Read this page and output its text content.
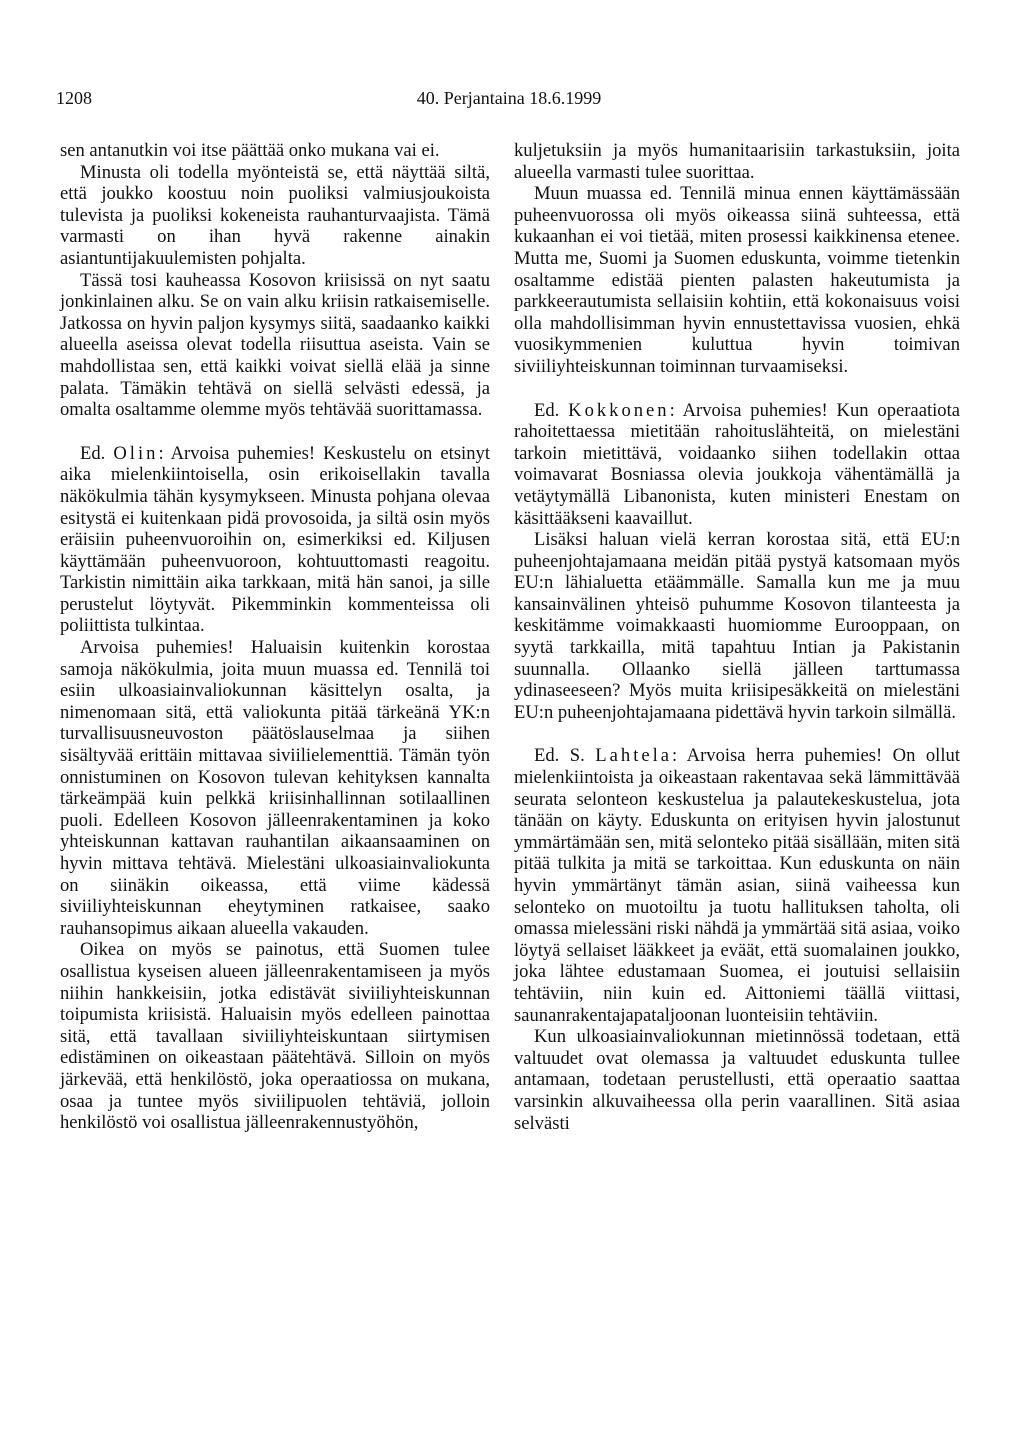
1208	40. Perjantaina 18.6.1999

sen antanutkin voi itse päättää onko mukana vai ei.

Minusta oli todella myönteistä se, että näyttää siltä, että joukko koostuu noin puoliksi valmiusjoukoista tulevista ja puoliksi kokeneista rauhanturvaajista. Tämä varmasti on ihan hyvä rakenne ainakin asiantuntijakuulemisten pohjalta.

Tässä tosi kauheassa Kosovon kriisissä on nyt saatu jonkinlainen alku. Se on vain alku kriisin ratkaisemiselle. Jatkossa on hyvin paljon kysymys siitä, saadaanko kaikki alueella aseissa olevat todella riisuttua aseista. Vain se mahdollistaa sen, että kaikki voivat siellä elää ja sinne palata. Tämäkin tehtävä on siellä selvästi edessä, ja omalta osaltamme olemme myös tehtävää suorittamassa.

Ed. Olin: Arvoisa puhemies! Keskustelu on etsinyt aika mielenkiintoisella, osin erikoisellakin tavalla näkökulmia tähän kysymykseen. Minusta pohjana olevaa esitystä ei kuitenkaan pidä provosoida, ja siltä osin myös eräisiin puheenvuoroihin on, esimerkiksi ed. Kiljusen käyttämään puheenvuoroon, kohtuuttomasti reagoitu. Tarkistin nimittäin aika tarkkaan, mitä hän sanoi, ja sille perustelut löytyvät. Pikemminkin kommenteissa oli poliittista tulkintaa.

Arvoisa puhemies! Haluaisin kuitenkin korostaa samoja näkökulmia, joita muun muassa ed. Tennilä toi esiin ulkoasiainvaliokunnan käsittelyn osalta, ja nimenomaan sitä, että valiokunta pitää tärkeänä YK:n turvallisuusneuvoston päätöslauselmaa ja siihen sisältyvää erittäin mittavaa siviilielementtiä. Tämän työn onnistuminen on Kosovon tulevan kehityksen kannalta tärkeämpää kuin pelkkä kriisinhallinnan sotilaallinen puoli. Edelleen Kosovon jälleenrakentaminen ja koko yhteiskunnan kattavan rauhantilan aikaansaaminen on hyvin mittava tehtävä. Mielestäni ulkoasiainvaliokunta on siinäkin oikeassa, että viime kädessä siviiliyhteiskunnan eheytyminen ratkaisee, saako rauhansopimus aikaan alueella vakauden.

Oikea on myös se painotus, että Suomen tulee osallistua kyseisen alueen jälleenrakentamiseen ja myös niihin hankkeisiin, jotka edistävät siviiliyhteiskunnan toipumista kriisistä. Haluaisin myös edelleen painottaa sitä, että tavallaan siviiliyhteiskuntaan siirtymisen edistäminen on oikeastaan päätehtävä. Silloin on myös järkevää, että henkilöstö, joka operaatiossa on mukana, osaa ja tuntee myös siviilipuolen tehtäviä, jolloin henkilöstö voi osallistua jälleenrakennustyöhön,

kuljetuksiin ja myös humanitaarisiin tarkastuksiin, joita alueella varmasti tulee suorittaa.

Muun muassa ed. Tennilä minua ennen käyttämässään puheenvuorossa oli myös oikeassa siinä suhteessa, että kukaanhan ei voi tietää, miten prosessi kaikkinensa etenee. Mutta me, Suomi ja Suomen eduskunta, voimme tietenkin osaltamme edistää pienten palasten hakeutumista ja parkkeerautumista sellaisiin kohtiin, että kokonaisuus voisi olla mahdollisimman hyvin ennustettavissa vuosien, ehkä vuosikymmenien kuluttua hyvin toimivan siviiliyhteiskunnan toiminnan turvaamiseksi.

Ed. Kokkonen: Arvoisa puhemies! Kun operaatiota rahoitettaessa mietitään rahoituslähteitä, on mielestäni tarkoin mietittävä, voidaanko siihen todellakin ottaa voimavarat Bosniassa olevia joukkoja vähentämällä ja vetäytymällä Libanonista, kuten ministeri Enestam on käsittääkseni kaavaillut.

Lisäksi haluan vielä kerran korostaa sitä, että EU:n puheenjohtajamaana meidän pitää pystyä katsomaan myös EU:n lähialuetta etäämmälle. Samalla kun me ja muu kansainvälinen yhteisö puhumme Kosovon tilanteesta ja keskitämme voimakkaasti huomiomme Eurooppaan, on syytä tarkkailla, mitä tapahtuu Intian ja Pakistanin suunnalla. Ollaanko siellä jälleen tarttumassa ydinaseeseen? Myös muita kriisipesäkkeitä on mielestäni EU:n puheenjohtajamaana pidettävä hyvin tarkoin silmällä.

Ed. S. Lahtela: Arvoisa herra puhemies! On ollut mielenkiintoista ja oikeastaan rakentavaa sekä lämmittävää seurata selonteon keskustelua ja palautekeskustelua, jota tänään on käyty. Eduskunta on erityisen hyvin jalostunut ymmärtämään sen, mitä selonteko pitää sisällään, miten sitä pitää tulkita ja mitä se tarkoittaa. Kun eduskunta on näin hyvin ymmärtänyt tämän asian, siinä vaiheessa kun selonteko on muotoiltu ja tuotu hallituksen taholta, oli omassa mielessäni riski nähdä ja ymmärtää sitä asiaa, voiko löytyä sellaiset lääkkeet ja eväät, että suomalainen joukko, joka lähtee edustamaan Suomea, ei joutuisi sellaisiin tehtäviin, niin kuin ed. Aittoniemi täällä viittasi, saunanrakentajapataljoonan luonteisiin tehtäviin.

Kun ulkoasiainvaliokunnan mietinnössä todetaan, että valtuudet ovat olemassa ja valtuudet eduskunta tullee antamaan, todetaan perustellusti, että operaatio saattaa varsinkin alkuvaiheessa olla perin vaarallinen. Sitä asiaa selvästi
